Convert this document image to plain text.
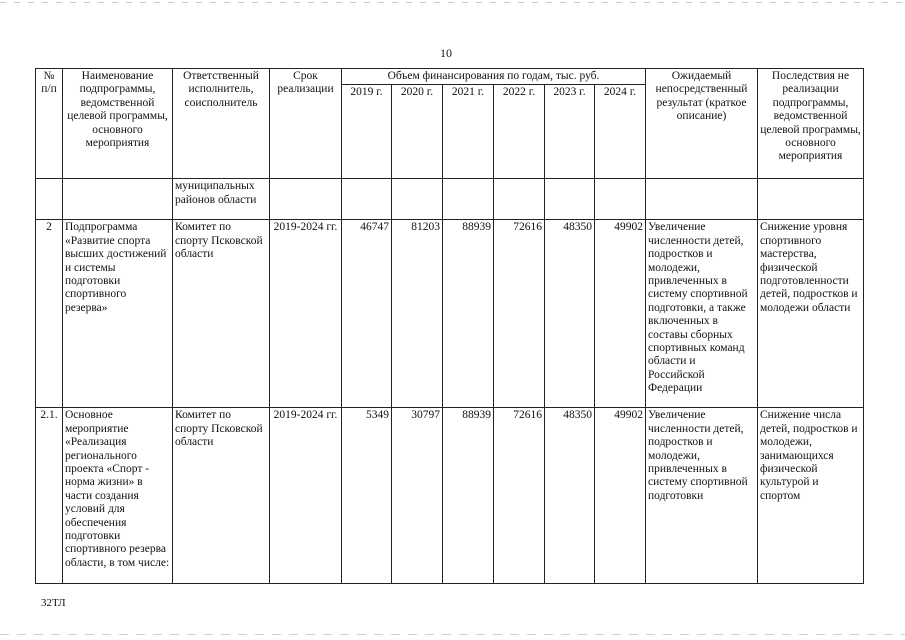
10
№ п/п	Наименование подпрограммы, ведомственной целевой программы, основного мероприятия	Ответственный исполнитель, соисполнитель	Срок реализации	Объем финансирования по годам, тыс. руб.						Ожидаемый непосредственный результат (краткое описание)	Последствия не реализации подпрограммы, ведомственной целевой программы, основного мероприятия
				2019 г.	2020 г.	2021 г.	2022 г.	2023 г.	2024 г.		
		муниципальных районов области									
2	Подпрограмма «Развитие спорта высших достижений и системы подготовки спортивного резерва»	Комитет по спорту Псковской области	2019-2024 гг.	46747	81203	88939	72616	48350	49902	Увеличение численности детей, подростков и молодежи, привлеченных в систему спортивной подготовки, а также включенных в составы сборных спортивных команд области и Российской Федерации	Снижение уровня спортивного мастерства, физической подготовленности детей, подростков и молодежи области
2.1.	Основное мероприятие «Реализация регионального проекта «Спорт - норма жизни» в части создания условий для обеспечения подготовки спортивного резерва области, в том числе:	Комитет по спорту Псковской области	2019-2024 гг.	5349	30797	88939	72616	48350	49902	Увеличение численности детей, подростков и молодежи, привлеченных в систему спортивной подготовки	Снижение числа детей, подростков и молодежи, занимающихся физической культурой и спортом
32ТЛ
